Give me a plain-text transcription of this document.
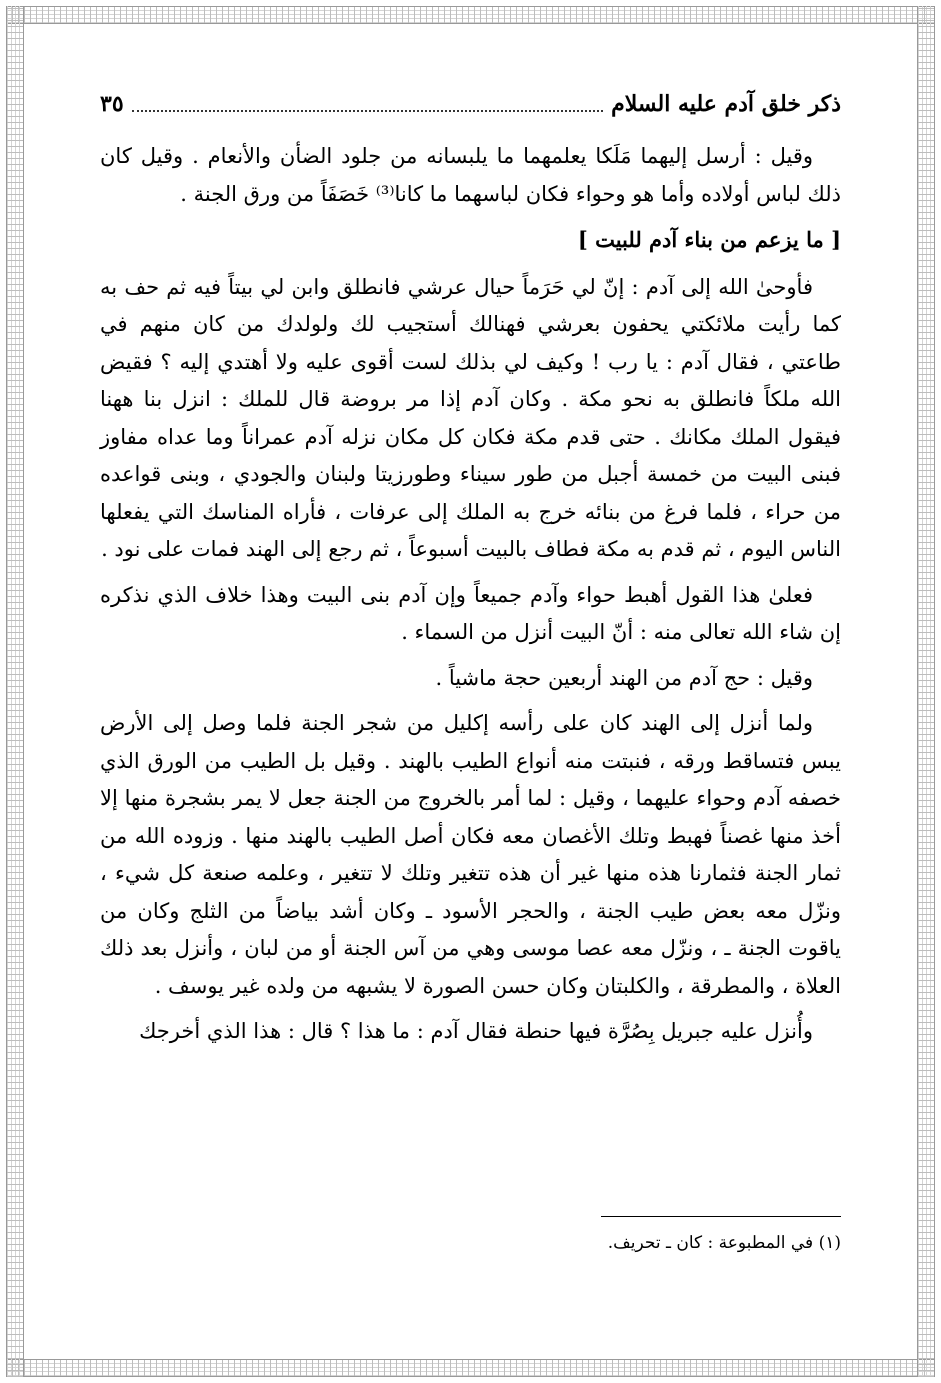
ذكر خلق آدم عليه السلام
٣٥

وقيل : أرسل إليهما مَلَكا يعلمهما ما يلبسانه من جلود الضأن والأنعام . وقيل كان ذلك لباس أولاده وأما هو وحواء فكان لباسهما ما كانا⁽³⁾ خَصَفَاً من ورق الجنة .

[ ما يزعم من بناء آدم للبيت ]

فأوحىٰ الله إلى آدم : إنّ لي حَرَماً حيال عرشي فانطلق وابن لي بيتاً فيه ثم حف به كما رأيت ملائكتي يحفون بعرشي فهنالك أستجيب لك ولولدك من كان منهم في طاعتي ، فقال آدم : يا رب ! وكيف لي بذلك لست أقوى عليه ولا أهتدي إليه ؟ فقيض الله ملكاً فانطلق به نحو مكة . وكان آدم إذا مر بروضة قال للملك : انزل بنا ههنا فيقول الملك مكانك . حتى قدم مكة فكان كل مكان نزله آدم عمراناً وما عداه مفاوز فبنى البيت من خمسة أجبل من طور سيناء وطورزيتا ولبنان والجودي ، وبنى قواعده من حراء ، فلما فرغ من بنائه خرج به الملك إلى عرفات ، فأراه المناسك التي يفعلها الناس اليوم ، ثم قدم به مكة فطاف بالبيت أسبوعاً ، ثم رجع إلى الهند فمات على نود .

فعلىٰ هذا القول أهبط حواء وآدم جميعاً وإن آدم بنى البيت وهذا خلاف الذي نذكره إن شاء الله تعالى منه : أنّ البيت أنزل من السماء .

وقيل : حج آدم من الهند أربعين حجة ماشياً .

ولما أنزل إلى الهند كان على رأسه إكليل من شجر الجنة فلما وصل إلى الأرض يبس فتساقط ورقه ، فنبتت منه أنواع الطيب بالهند . وقيل بل الطيب من الورق الذي خصفه آدم وحواء عليهما ، وقيل : لما أمر بالخروج من الجنة جعل لا يمر بشجرة منها إلا أخذ منها غصناً فهبط وتلك الأغصان معه فكان أصل الطيب بالهند منها . وزوده الله من ثمار الجنة فثمارنا هذه منها غير أن هذه تتغير وتلك لا تتغير ، وعلمه صنعة كل شيء ، ونزّل معه بعض طيب الجنة ، والحجر الأسود ـ وكان أشد بياضاً من الثلج وكان من ياقوت الجنة ـ ، ونزّل معه عصا موسى وهي من آس الجنة أو من لبان ، وأنزل بعد ذلك العلاة ، والمطرقة ، والكلبتان وكان حسن الصورة لا يشبهه من ولده غير يوسف .

وأُنزل عليه جبريل بِصُرَّة فيها حنطة فقال آدم : ما هذا ؟ قال : هذا الذي أخرجك

(١) في المطبوعة : كان ـ تحريف.
